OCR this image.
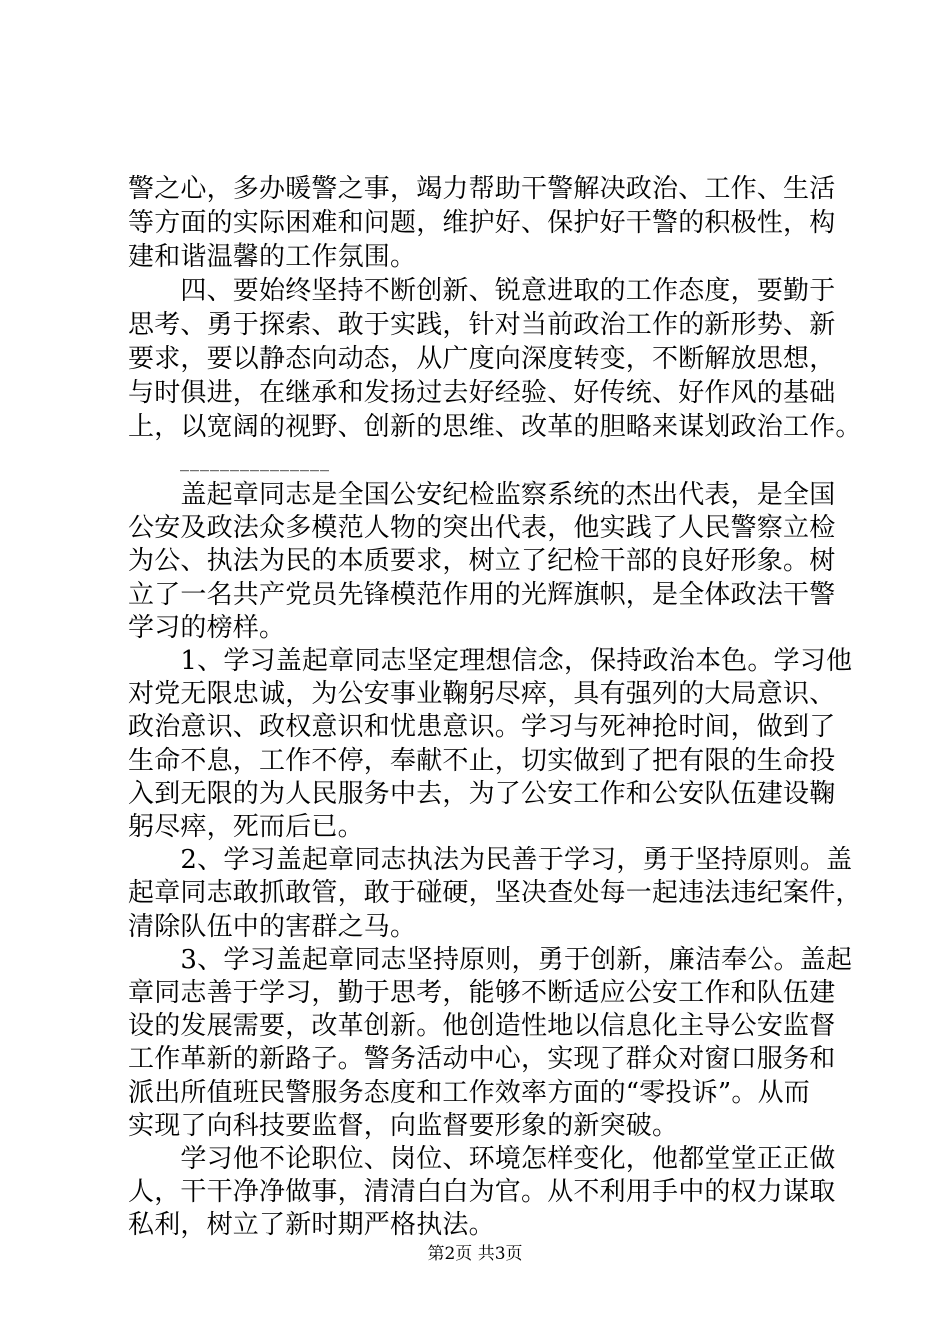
警之心，多办暖警之事，竭力帮助干警解决政治、工作、生活
等方面的实际困难和问题，维护好、保护好干警的积极性，构
建和谐温馨的工作氛围。
　　四、要始终坚持不断创新、锐意进取的工作态度，要勤于
思考、勇于探索、敢于实践，针对当前政治工作的新形势、新
要求，要以静态向动态，从广度向深度转变，不断解放思想，
与时俱进，在继承和发扬过去好经验、好传统、好作风的基础
上，以宽阔的视野、创新的思维、改革的胆略来谋划政治工作。
_______________
　　盖起章同志是全国公安纪检监察系统的杰出代表，是全国
公安及政法众多模范人物的突出代表，他实践了人民警察立检
为公、执法为民的本质要求，树立了纪检干部的良好形象。树
立了一名共产党员先锋模范作用的光辉旗帜，是全体政法干警
学习的榜样。
　　1、学习盖起章同志坚定理想信念，保持政治本色。学习他
对党无限忠诚，为公安事业鞠躬尽瘁，具有强列的大局意识、
政治意识、政权意识和忧患意识。学习与死神抢时间，做到了
生命不息，工作不停，奉献不止，切实做到了把有限的生命投
入到无限的为人民服务中去，为了公安工作和公安队伍建设鞠
躬尽瘁，死而后已。
　　2、学习盖起章同志执法为民善于学习，勇于坚持原则。盖
起章同志敢抓敢管，敢于碰硬，坚决查处每一起违法违纪案件，
清除队伍中的害群之马。
　　3、学习盖起章同志坚持原则，勇于创新，廉洁奉公。盖起
章同志善于学习，勤于思考，能够不断适应公安工作和队伍建
设的发展需要，改革创新。他创造性地以信息化主导公安监督
工作革新的新路子。警务活动中心，实现了群众对窗口服务和
派出所值班民警服务态度和工作效率方面的“零投诉”。从而
实现了向科技要监督，向监督要形象的新突破。
　　学习他不论职位、岗位、环境怎样变化，他都堂堂正正做
人，干干净净做事，清清白白为官。从不利用手中的权力谋取
第2页 共3页
私利，树立了新时期严格执法。
